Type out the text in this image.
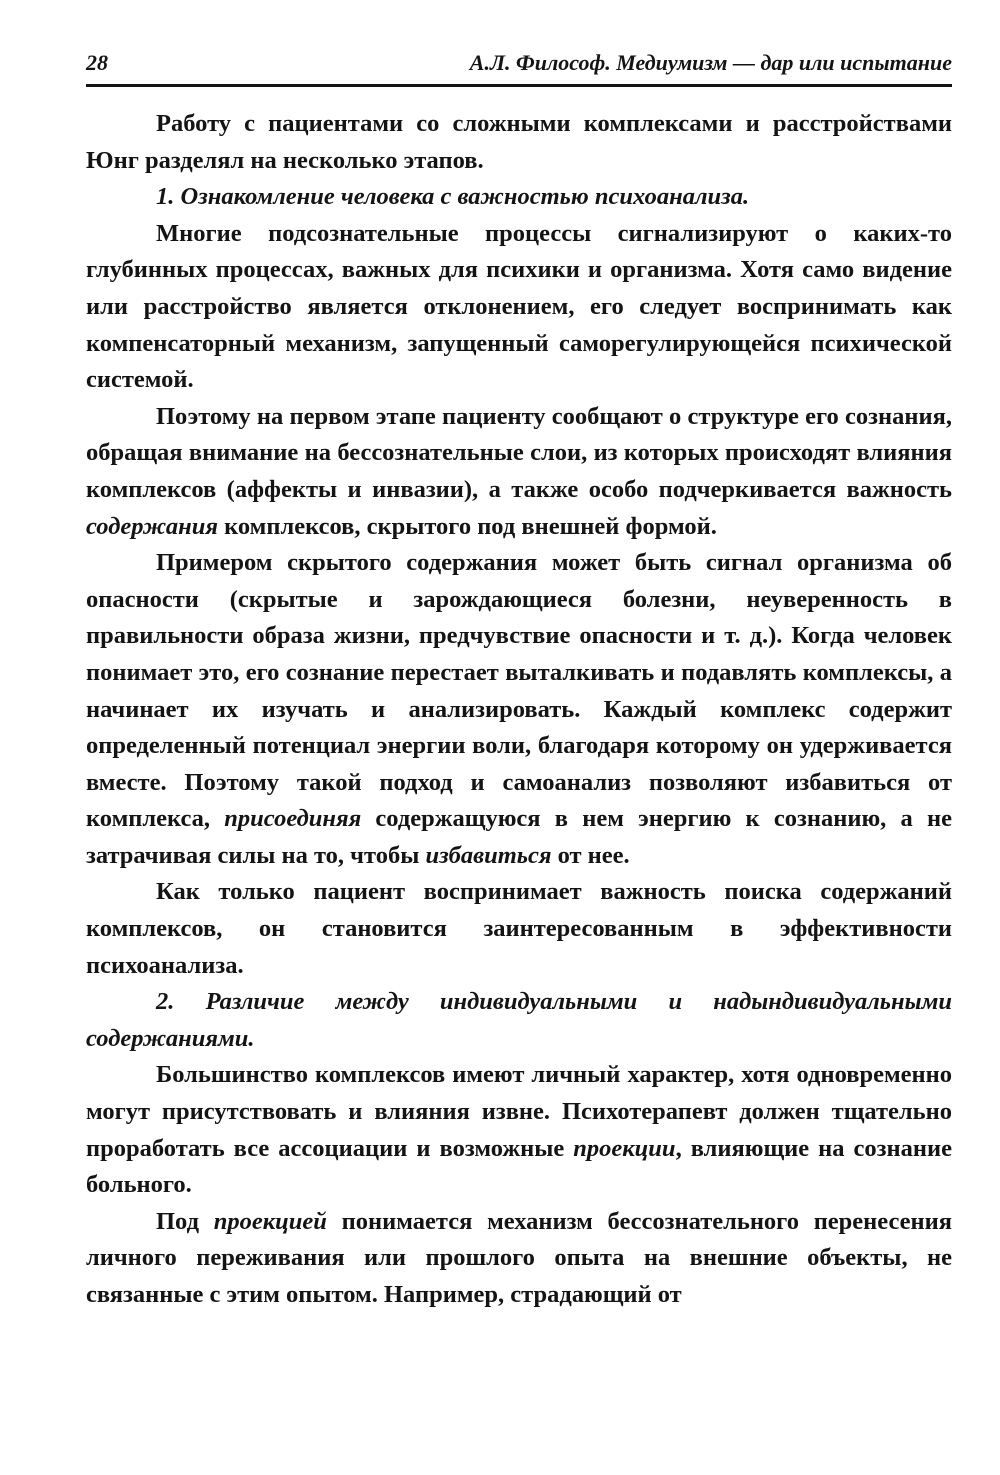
28	А.Л. Философ. Медиумизм — дар или испытание

Работу с пациентами со сложными комплексами и расстройствами Юнг разделял на несколько этапов.

1. Ознакомление человека с важностью психоанализа.

Многие подсознательные процессы сигнализируют о каких-то глубинных процессах, важных для психики и организма. Хотя само видение или расстройство является отклонением, его следует воспринимать как компенсаторный механизм, запущенный саморегулирующейся психической системой.

Поэтому на первом этапе пациенту сообщают о структуре его сознания, обращая внимание на бессознательные слои, из которых происходят влияния комплексов (аффекты и инвазии), а также особо подчеркивается важность содержания комплексов, скрытого под внешней формой.

Примером скрытого содержания может быть сигнал организма об опасности (скрытые и зарождающиеся болезни, неуверенность в правильности образа жизни, предчувствие опасности и т. д.). Когда человек понимает это, его сознание перестает выталкивать и подавлять комплексы, а начинает их изучать и анализировать. Каждый комплекс содержит определенный потенциал энергии воли, благодаря которому он удерживается вместе. Поэтому такой подход и самоанализ позволяют избавиться от комплекса, присоединяя содержащуюся в нем энергию к сознанию, а не затрачивая силы на то, чтобы избавиться от нее.

Как только пациент воспринимает важность поиска содержаний комплексов, он становится заинтересованным в эффективности психоанализа.

2. Различие между индивидуальными и надындивидуальными содержаниями.

Большинство комплексов имеют личный характер, хотя одновременно могут присутствовать и влияния извне. Психотерапевт должен тщательно проработать все ассоциации и возможные проекции, влияющие на сознание больного.

Под проекцией понимается механизм бессознательного перенесения личного переживания или прошлого опыта на внешние объекты, не связанные с этим опытом. Например, страдающий от
